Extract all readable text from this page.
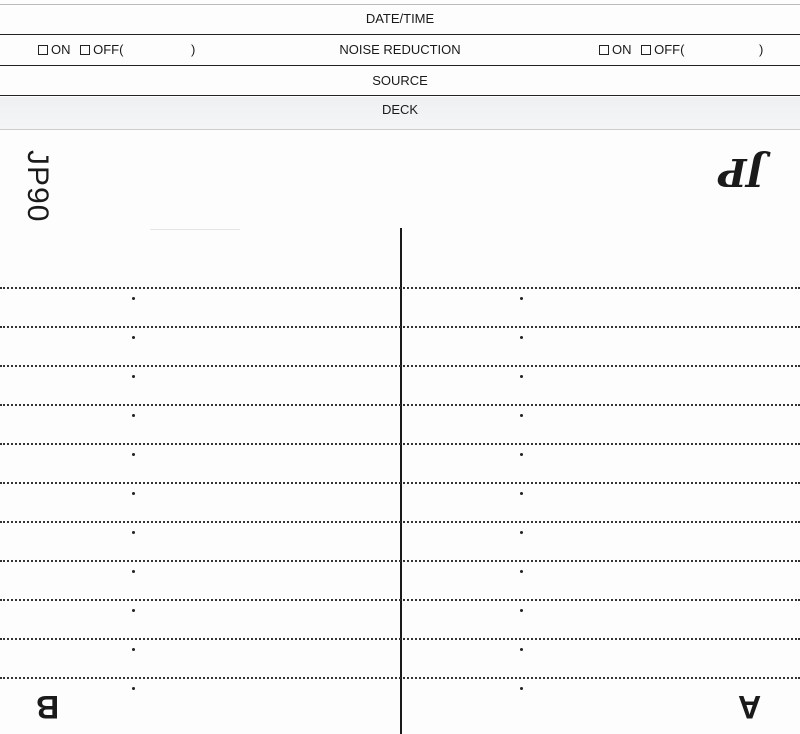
DATE/TIME
ON OFF(	)	NOISE REDUCTION	ON OFF(	)
SOURCE
DECK
JP90	JP
B	A
